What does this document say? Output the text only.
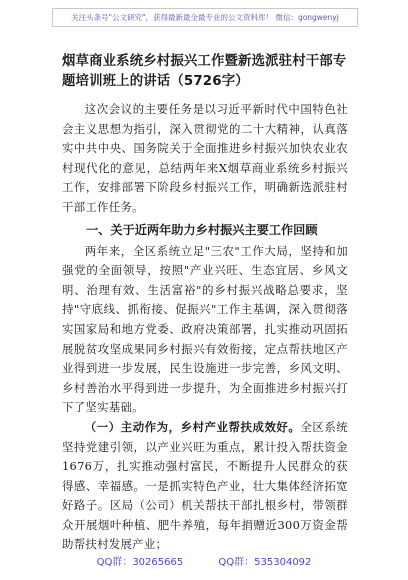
关注头条号"公文研究"，获得最新最全最专业的公文资料库！ 微信：gongwenyj
烟草商业系统乡村振兴工作暨新选派驻村干部专题培训班上的讲话（5726字）

这次会议的主要任务是以习近平新时代中国特色社会主义思想为指引，深入贯彻党的二十大精神，认真落实中共中央、国务院关于全面推进乡村振兴加快农业农村现代化的意见，总结两年来X烟草商业系统乡村振兴工作，安排部署下阶段乡村振兴工作，明确新选派驻村干部工作任务。

一、关于近两年助力乡村振兴主要工作回顾

两年来，全区系统立足"三农"工作大局，坚持和加强党的全面领导，按照"产业兴旺、生态宜居、乡风文明、治理有效、生活富裕"的乡村振兴战略总要求，坚持"守底线、抓衔接、促振兴"工作主基调，深入贯彻落实国家局和地方党委、政府决策部署，扎实推动巩固拓展脱贫攻坚成果同乡村振兴有效衔接，定点帮扶地区产业得到进一步发展，民生设施进一步完善，乡风文明、乡村善治水平得到进一步提升，为全面推进乡村振兴打下了坚实基础。

（一）主动作为，乡村产业帮扶成效好。全区系统坚持党建引领，以产业兴旺为重点，累计投入帮扶资金1676万，扎实推动强村富民，不断提升人民群众的获得感、幸福感。一是抓实特色产业，壮大集体经济拓宽好路子。区局（公司）机关帮扶干部扎根乡村，带领群众开展烟叶种植、肥牛养殖，每年捐赠近300万资金帮助帮扶村发展产业；

QQ群：30265665	QQ群：535304092
